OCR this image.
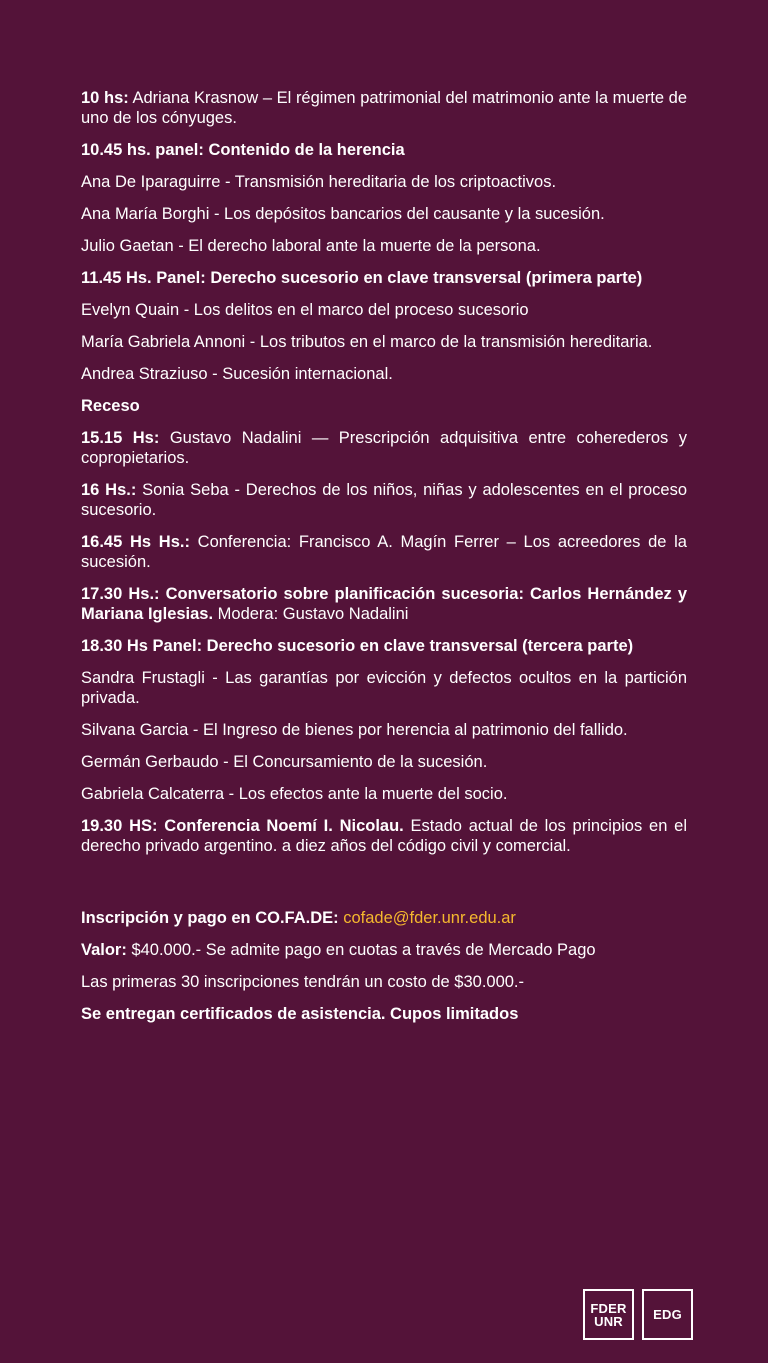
10 hs: Adriana Krasnow – El régimen patrimonial del matrimonio ante la muerte de uno de los cónyuges.

10.45 hs. panel: Contenido de la herencia

Ana De Iparaguirre - Transmisión hereditaria de los criptoactivos.

Ana María Borghi - Los depósitos bancarios del causante y la sucesión.

Julio Gaetan - El derecho laboral ante la muerte de la persona.

11.45 Hs. Panel: Derecho sucesorio en clave transversal (primera parte)

Evelyn Quain - Los delitos en el marco del proceso sucesorio

María Gabriela Annoni - Los tributos en el marco de la transmisión hereditaria.

Andrea Straziuso - Sucesión internacional.

Receso

15.15 Hs: Gustavo Nadalini — Prescripción adquisitiva entre coherederos y copropietarios.

16 Hs.: Sonia Seba - Derechos de los niños, niñas y adolescentes en el proceso sucesorio.

16.45 Hs Hs.: Conferencia: Francisco A. Magín Ferrer – Los acreedores de la sucesión.

17.30 Hs.: Conversatorio sobre planificación sucesoria: Carlos Hernández y Mariana Iglesias. Modera: Gustavo Nadalini

18.30 Hs Panel: Derecho sucesorio en clave transversal (tercera parte)

Sandra Frustagli - Las garantías por evicción y defectos ocultos en la partición privada.

Silvana Garcia - El Ingreso de bienes por herencia al patrimonio del fallido.

Germán Gerbaudo - El Concursamiento de la sucesión.

Gabriela Calcaterra - Los efectos ante la muerte del socio.

19.30 HS: Conferencia Noemí I. Nicolau. Estado actual de los principios en el derecho privado argentino. a diez años del código civil y comercial.

Inscripción y pago en CO.FA.DE: cofade@fder.unr.edu.ar

Valor: $40.000.- Se admite pago en cuotas a través de Mercado Pago

Las primeras 30 inscripciones tendrán un costo de $30.000.-

Se entregan certificados de asistencia. Cupos limitados

FDER
UNR EDG
